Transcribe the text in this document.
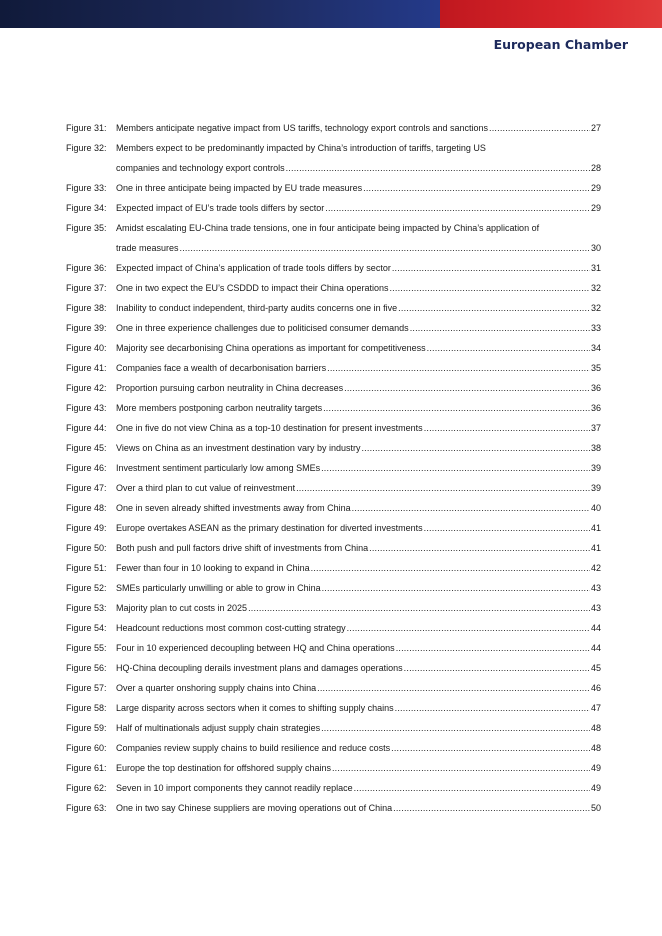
European Chamber
Figure 31:	Members anticipate negative impact from US tariffs, technology export controls and sanctions .....	27
Figure 32:	Members expect to be predominantly impacted by China’s introduction of tariffs, targeting US
companies and technology export controls .....	28
Figure 33:	One in three anticipate being impacted by EU trade measures .....	29
Figure 34:	Expected impact of EU’s trade tools differs by sector .....	29
Figure 35:	Amidst escalating EU-China trade tensions, one in four anticipate being impacted by China’s application of
trade measures .....	30
Figure 36:	Expected impact of China’s application of trade tools differs by sector .....	31
Figure 37:	One in two expect the EU’s CSDDD to impact their China operations .....	32
Figure 38:	Inability to conduct independent, third-party audits concerns one in five .....	32
Figure 39:	One in three experience challenges due to politicised consumer demands .....	33
Figure 40:	Majority see decarbonising China operations as important for competitiveness .....	34
Figure 41:	Companies face a wealth of decarbonisation barriers .....	35
Figure 42:	Proportion pursuing carbon neutrality in China decreases .....	36
Figure 43:	More members postponing carbon neutrality targets .....	36
Figure 44:	One in five do not view China as a top-10 destination for present investments .....	37
Figure 45:	Views on China as an investment destination vary by industry .....	38
Figure 46:	Investment sentiment particularly low among SMEs .....	39
Figure 47:	Over a third plan to cut value of reinvestment .....	39
Figure 48:	One in seven already shifted investments away from China .....	40
Figure 49:	Europe overtakes ASEAN as the primary destination for diverted investments .....	41
Figure 50:	Both push and pull factors drive shift of investments from China .....	41
Figure 51:	Fewer than four in 10 looking to expand in China .....	42
Figure 52:	SMEs particularly unwilling or able to grow in China .....	43
Figure 53:	Majority plan to cut costs in 2025 .....	43
Figure 54:	Headcount reductions most common cost-cutting strategy .....	44
Figure 55:	Four in 10 experienced decoupling between HQ and China operations .....	44
Figure 56:	HQ-China decoupling derails investment plans and damages operations .....	45
Figure 57:	Over a quarter onshoring supply chains into China .....	46
Figure 58:	Large disparity across sectors when it comes to shifting supply chains .....	47
Figure 59:	Half of multinationals adjust supply chain strategies .....	48
Figure 60:	Companies review supply chains to build resilience and reduce costs .....	48
Figure 61:	Europe the top destination for offshored supply chains .....	49
Figure 62:	Seven in 10 import components they cannot readily replace .....	49
Figure 63:	One in two say Chinese suppliers are moving operations out of China .....	50
